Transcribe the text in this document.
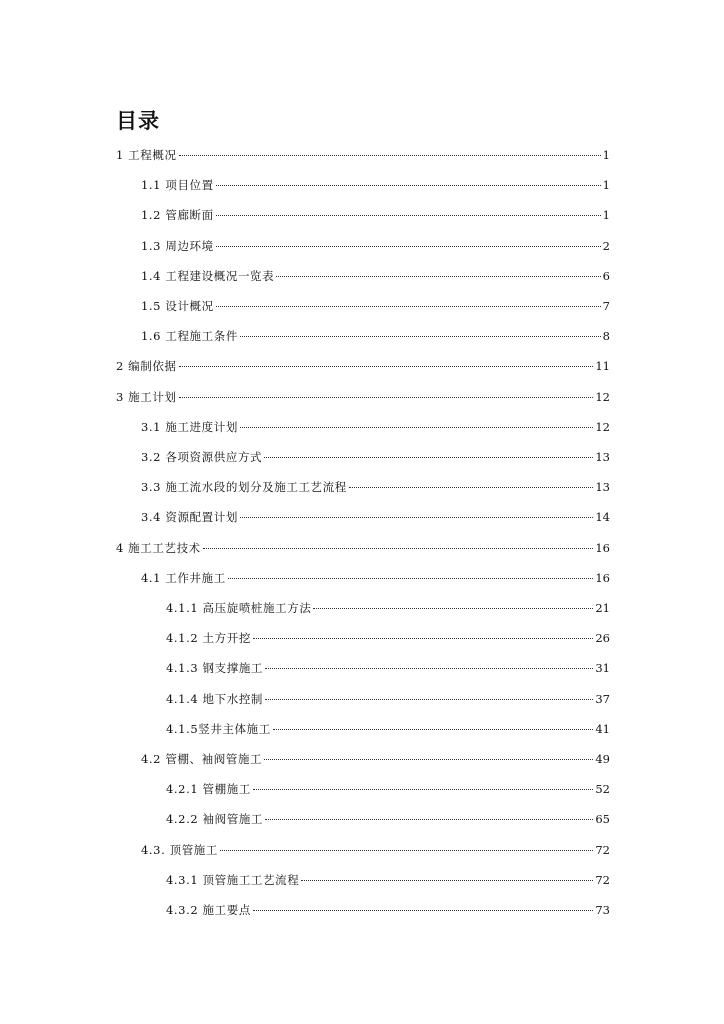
目录
1 工程概况	1
1.1 项目位置	1
1.2 管廊断面	1
1.3 周边环境	2
1.4 工程建设概况一览表	6
1.5 设计概况	7
1.6 工程施工条件	8
2 编制依据	11
3 施工计划	12
3.1 施工进度计划	12
3.2 各项资源供应方式	13
3.3 施工流水段的划分及施工工艺流程	13
3.4 资源配置计划	14
4 施工工艺技术	16
4.1 工作井施工	16
4.1.1 高压旋喷桩施工方法	21
4.1.2 土方开挖	26
4.1.3 钢支撑施工	31
4.1.4 地下水控制	37
4.1.5竖井主体施工	41
4.2 管棚、袖阀管施工	49
4.2.1 管棚施工	52
4.2.2 袖阀管施工	65
4.3. 顶管施工	72
4.3.1 顶管施工工艺流程	72
4.3.2 施工要点	73
